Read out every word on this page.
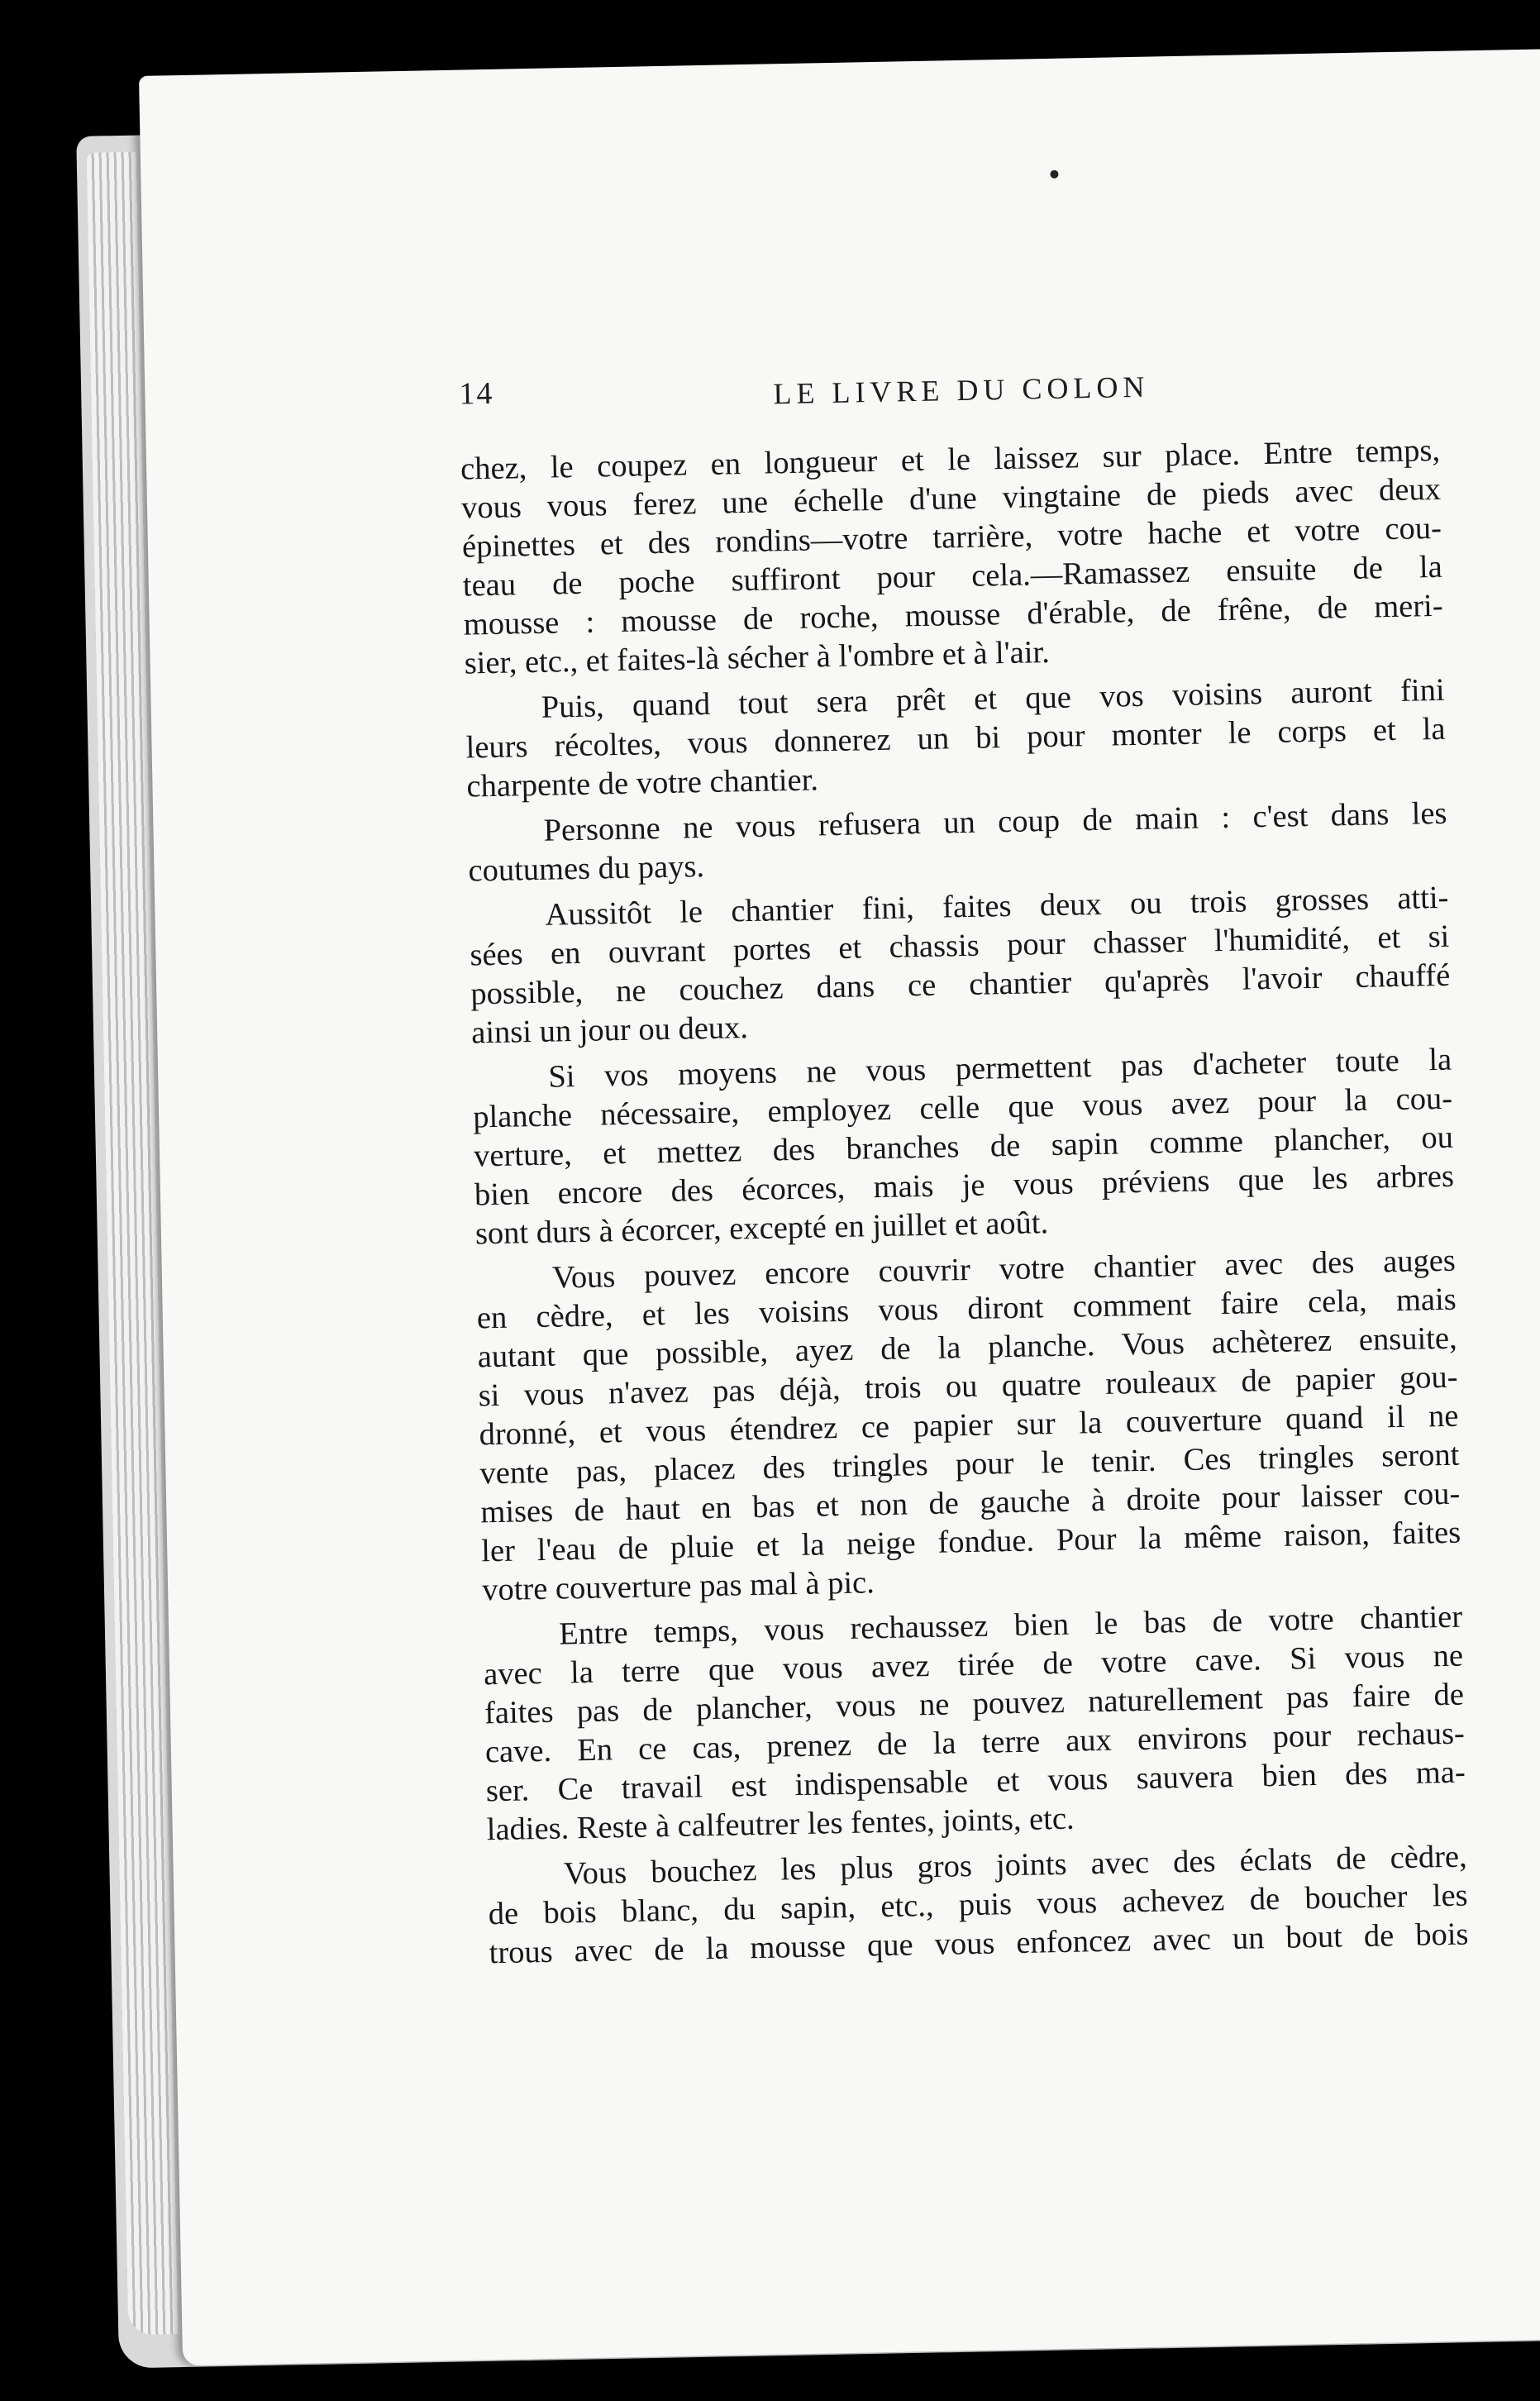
14	LE LIVRE DU COLON
chez, le coupez en longueur et le laissez sur place. Entre temps,
vous vous ferez une échelle d'une vingtaine de pieds avec deux
épinettes et des rondins—votre tarrière, votre hache et votre cou-
teau de poche suffiront pour cela.—Ramassez ensuite de la
mousse : mousse de roche, mousse d'érable, de frêne, de meri-
sier, etc., et faites-là sécher à l'ombre et à l'air.
Puis, quand tout sera prêt et que vos voisins auront fini
leurs récoltes, vous donnerez un bi pour monter le corps et la
charpente de votre chantier.
Personne ne vous refusera un coup de main : c'est dans les
coutumes du pays.
Aussitôt le chantier fini, faites deux ou trois grosses atti-
sées en ouvrant portes et chassis pour chasser l'humidité, et si
possible, ne couchez dans ce chantier qu'après l'avoir chauffé
ainsi un jour ou deux.
Si vos moyens ne vous permettent pas d'acheter toute la
planche nécessaire, employez celle que vous avez pour la cou-
verture, et mettez des branches de sapin comme plancher, ou
bien encore des écorces, mais je vous préviens que les arbres
sont durs à écorcer, excepté en juillet et août.
Vous pouvez encore couvrir votre chantier avec des auges
en cèdre, et les voisins vous diront comment faire cela, mais
autant que possible, ayez de la planche. Vous achèterez ensuite,
si vous n'avez pas déjà, trois ou quatre rouleaux de papier gou-
dronné, et vous étendrez ce papier sur la couverture quand il ne
vente pas, placez des tringles pour le tenir. Ces tringles seront
mises de haut en bas et non de gauche à droite pour laisser cou-
ler l'eau de pluie et la neige fondue. Pour la même raison, faites
votre couverture pas mal à pic.
Entre temps, vous rechaussez bien le bas de votre chantier
avec la terre que vous avez tirée de votre cave. Si vous ne
faites pas de plancher, vous ne pouvez naturellement pas faire de
cave. En ce cas, prenez de la terre aux environs pour rechaus-
ser. Ce travail est indispensable et vous sauvera bien des ma-
ladies. Reste à calfeutrer les fentes, joints, etc.
Vous bouchez les plus gros joints avec des éclats de cèdre,
de bois blanc, du sapin, etc., puis vous achevez de boucher les
trous avec de la mousse que vous enfoncez avec un bout de bois
